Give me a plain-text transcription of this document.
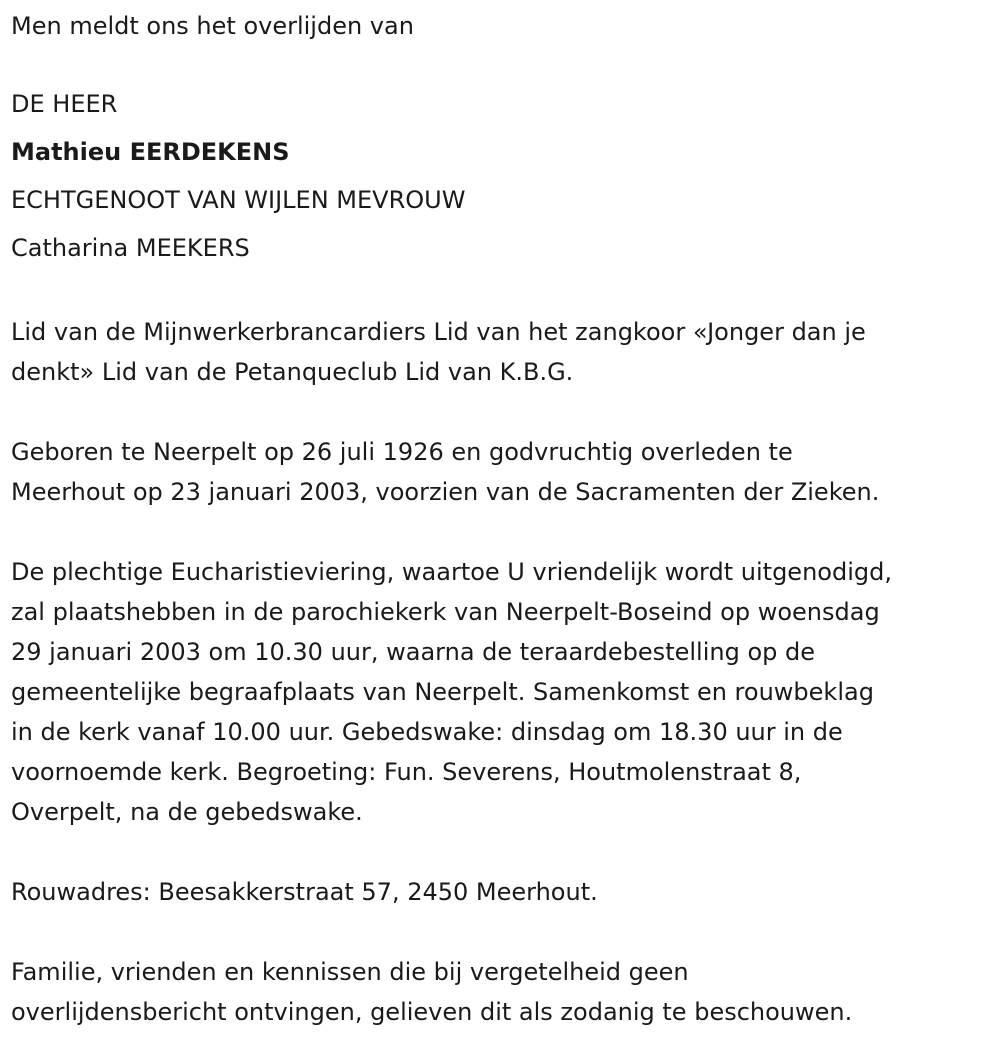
Men meldt ons het overlijden van

DE HEER

Mathieu EERDEKENS

ECHTGENOOT VAN WIJLEN MEVROUW

Catharina MEEKERS

Lid van de Mijnwerkerbrancardiers Lid van het zangkoor «Jonger dan je

denkt» Lid van de Petanqueclub Lid van K.B.G.

Geboren te Neerpelt op 26 juli 1926 en godvruchtig overleden te

Meerhout op 23 januari 2003, voorzien van de Sacramenten der Zieken.

De plechtige Eucharistieviering, waartoe U vriendelijk wordt uitgenodigd,

zal plaatshebben in de parochiekerk van Neerpelt-Boseind op woensdag

29 januari 2003 om 10.30 uur, waarna de teraardebestelling op de

gemeentelijke begraafplaats van Neerpelt. Samenkomst en rouwbeklag

in de kerk vanaf 10.00 uur. Gebedswake: dinsdag om 18.30 uur in de

voornoemde kerk. Begroeting: Fun. Severens, Houtmolenstraat 8,

Overpelt, na de gebedswake.

Rouwadres: Beesakkerstraat 57, 2450 Meerhout.

Familie, vrienden en kennissen die bij vergetelheid geen

overlijdensbericht ontvingen, gelieven dit als zodanig te beschouwen.
